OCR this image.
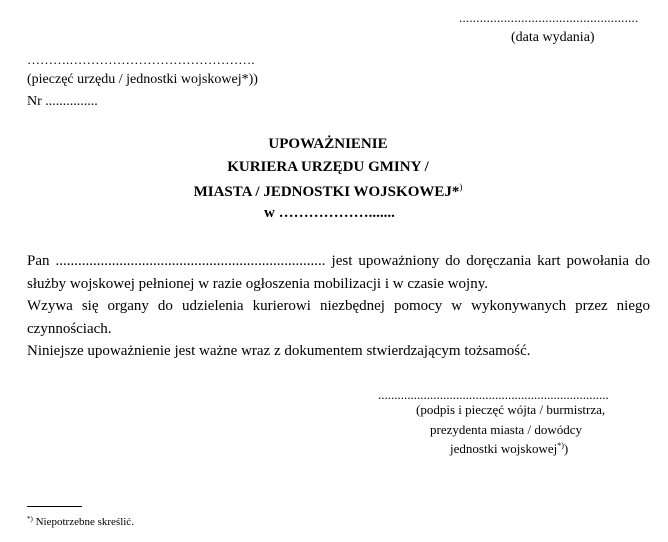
....................................................
(data wydania)
……….…………………………………….
(pieczęć urzędu / jednostki wojskowej*))
Nr ...............
UPOWAŻNIENIE
KURIERA URZĘDU GMINY /
MIASTA / JEDNOSTKI WOJSKOWEJ*)
w ……………….......

Pan ........................................................................ jest upoważniony do doręczania kart powołania do służby wojskowej pełnionej w razie ogłoszenia mobilizacji i w czasie wojny.

Wzywa się organy do udzielenia kurierowi niezbędnej pomocy w wykonywanych przez niego czynnościach.

Niniejsze upoważnienie jest ważne wraz z dokumentem stwierdzającym tożsamość.

.......................................................................
(podpis i pieczęć wójta / burmistrza,
prezydenta miasta / dowódcy
jednostki wojskowej*))
*) Niepotrzebne skreślić.
